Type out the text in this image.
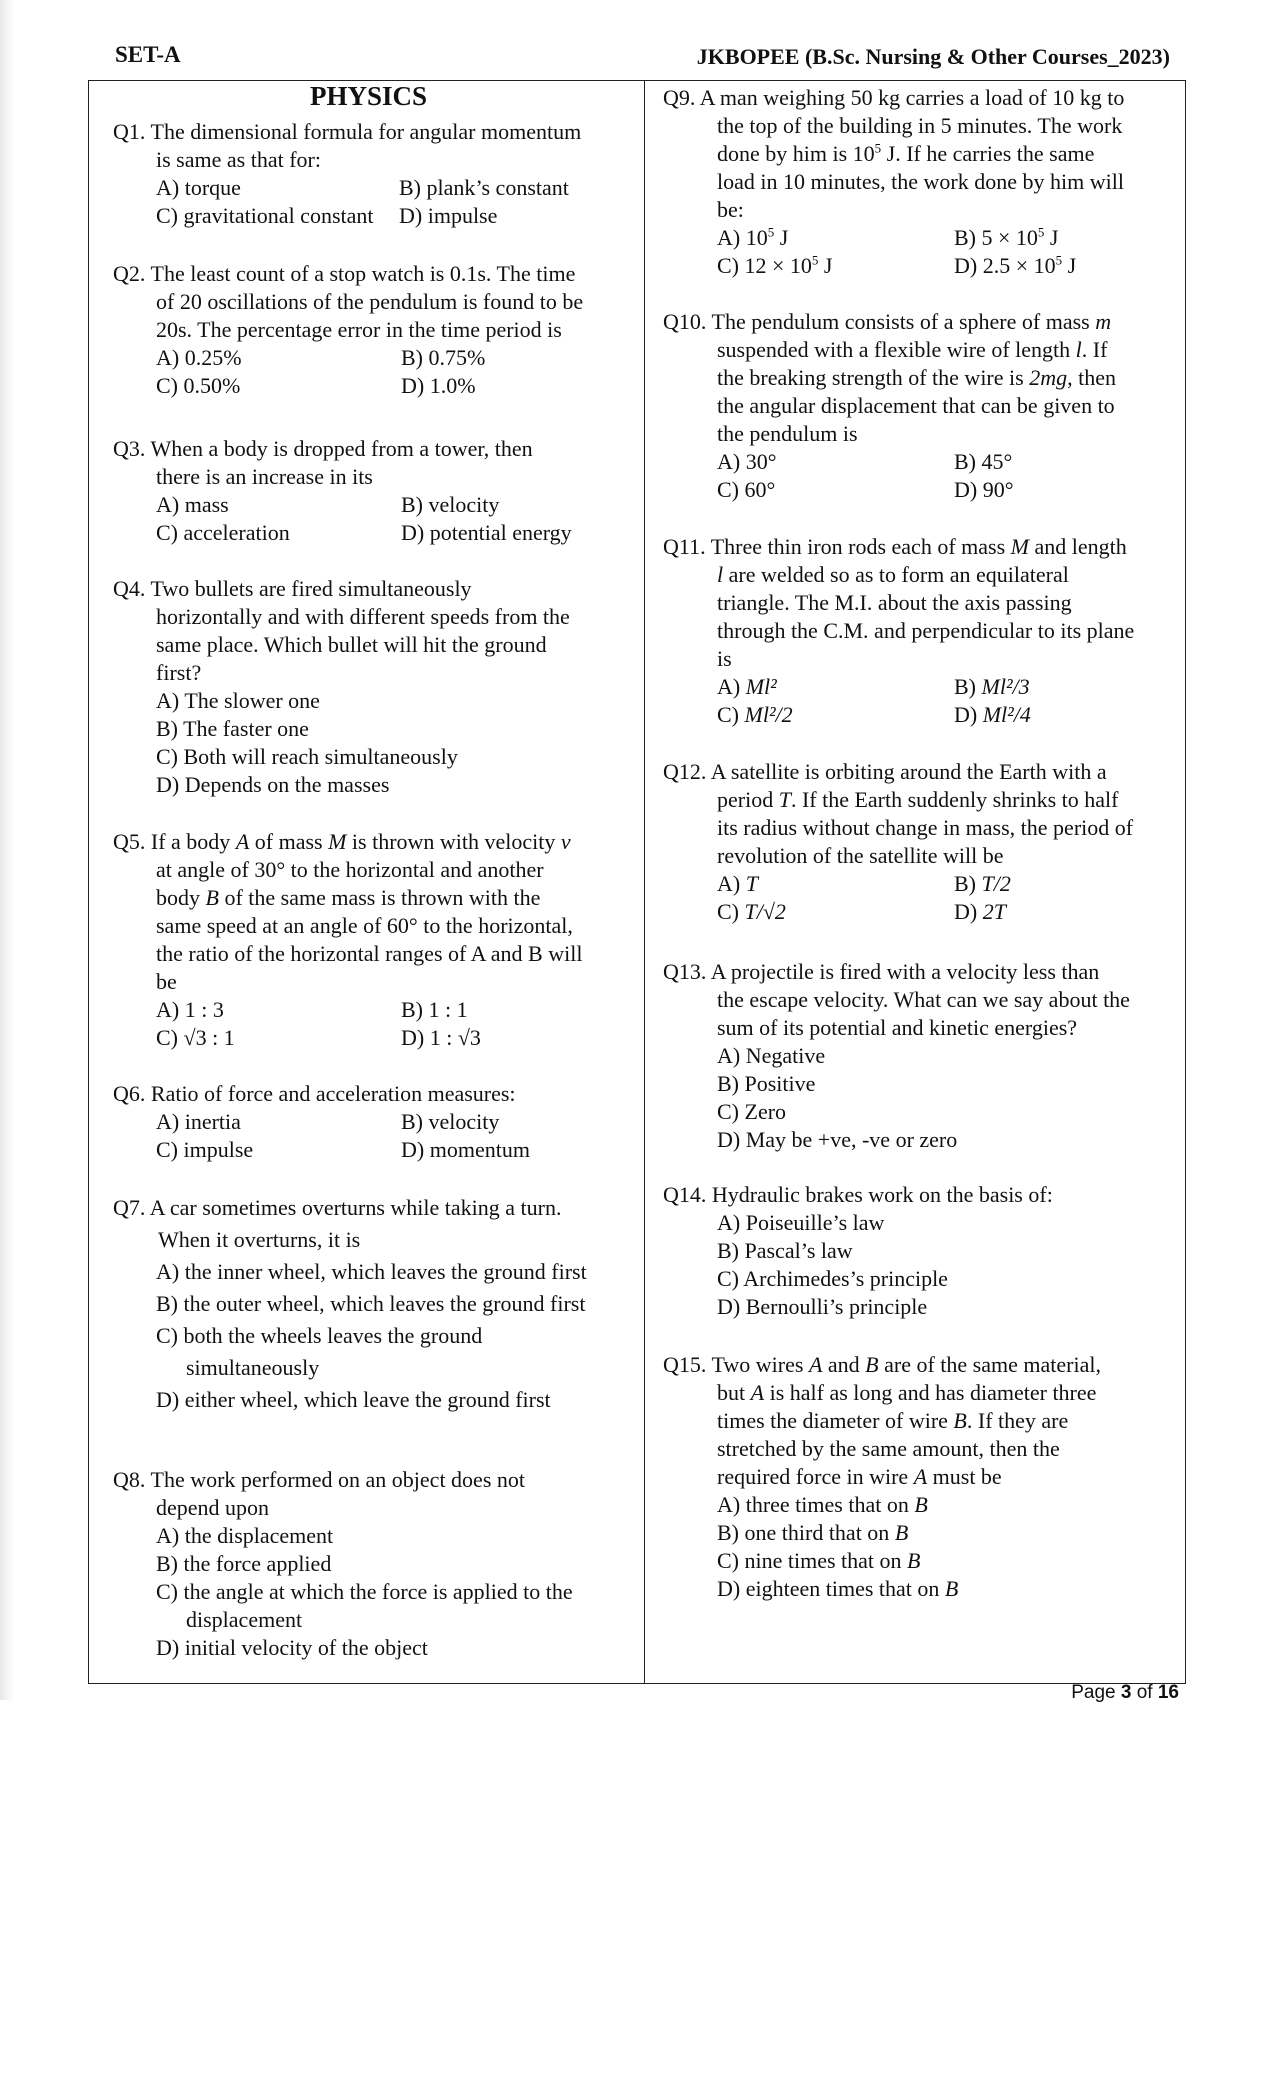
SET-A	JKBOPEE (B.Sc. Nursing & Other Courses_2023)
PHYSICS
Q1. The dimensional formula for angular momentum
is same as that for:
A) torque	B) plank’s constant
C) gravitational constant	D) impulse
Q2. The least count of a stop watch is 0.1s. The time
of 20 oscillations of the pendulum is found to be
20s. The percentage error in the time period is
A) 0.25%	B) 0.75%
C) 0.50%	D) 1.0%
Q3. When a body is dropped from a tower, then
there is an increase in its
A) mass	B) velocity
C) acceleration	D) potential energy
Q4. Two bullets are fired simultaneously
horizontally and with different speeds from the
same place. Which bullet will hit the ground
first?
A) The slower one
B) The faster one
C) Both will reach simultaneously
D) Depends on the masses
Q5. If a body A of mass M is thrown with velocity v
at angle of 30° to the horizontal and another
body B of the same mass is thrown with the
same speed at an angle of 60° to the horizontal,
the ratio of the horizontal ranges of A and B will
be
A) 1 : 3	B) 1 : 1
C) √3 : 1	D) 1 : √3
Q6. Ratio of force and acceleration measures:
A) inertia	B) velocity
C) impulse	D) momentum
Q7. A car sometimes overturns while taking a turn.
When it overturns, it is
A) the inner wheel, which leaves the ground first
B) the outer wheel, which leaves the ground first
C) both the wheels leaves the ground
simultaneously
D) either wheel, which leave the ground first
Q8. The work performed on an object does not
depend upon
A) the displacement
B) the force applied
C) the angle at which the force is applied to the
displacement
D) initial velocity of the object
Q9. A man weighing 50 kg carries a load of 10 kg to
the top of the building in 5 minutes. The work
done by him is $10^5$ J. If he carries the same
load in 10 minutes, the work done by him will
be:
A) $10^5$ J	B) $5 \times 10^5$ J
C) $12 \times 10^5$ J	D) $2.5 \times 10^5$ J
Q10. The pendulum consists of a sphere of mass m
suspended with a flexible wire of length l. If
the breaking strength of the wire is 2mg, then
the angular displacement that can be given to
the pendulum is
A) 30°	B) 45°
C) 60°	D) 90°
Q11. Three thin iron rods each of mass M and length
l are welded so as to form an equilateral
triangle. The M.I. about the axis passing
through the C.M. and perpendicular to its plane
is
A) Ml²	B) Ml²/3
C) Ml²/2	D) Ml²/4
Q12. A satellite is orbiting around the Earth with a
period T. If the Earth suddenly shrinks to half
its radius without change in mass, the period of
revolution of the satellite will be
A) T	B) T/2
C) T/√2	D) 2T
Q13. A projectile is fired with a velocity less than
the escape velocity. What can we say about the
sum of its potential and kinetic energies?
A) Negative
B) Positive
C) Zero
D) May be +ve, -ve or zero
Q14. Hydraulic brakes work on the basis of:
A) Poiseuille’s law
B) Pascal’s law
C) Archimedes’s principle
D) Bernoulli’s principle
Q15. Two wires A and B are of the same material,
but A is half as long and has diameter three
times the diameter of wire B. If they are
stretched by the same amount, then the
required force in wire A must be
A) three times that on B
B) one third that on B
C) nine times that on B
D) eighteen times that on B
Page 3 of 16
